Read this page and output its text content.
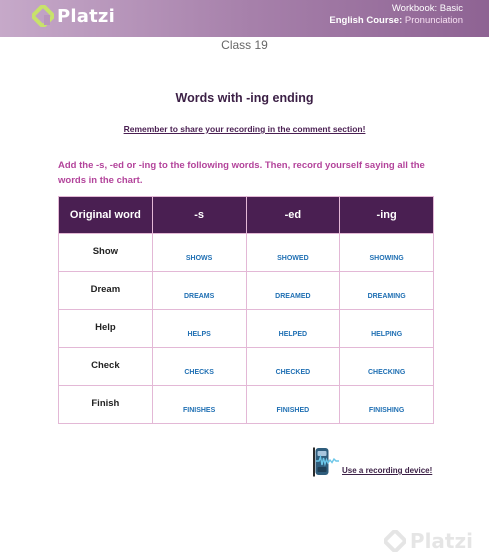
Platzi	Workbook: Basic
English Course: Pronunciation
Class 19
Words with -ing ending
Remember to share your recording in the comment section!
Add the -s, -ed or -ing to the following words. Then, record yourself saying all the words in the chart.
Original word	-s	-ed	-ing
Show	SHOWS	SHOWED	SHOWING
Dream	DREAMS	DREAMED	DREAMING
Help	HELPS	HELPED	HELPING
Check	CHECKS	CHECKED	CHECKING
Finish	FINISHES	FINISHED	FINISHING
Use a recording device!
Platzi
